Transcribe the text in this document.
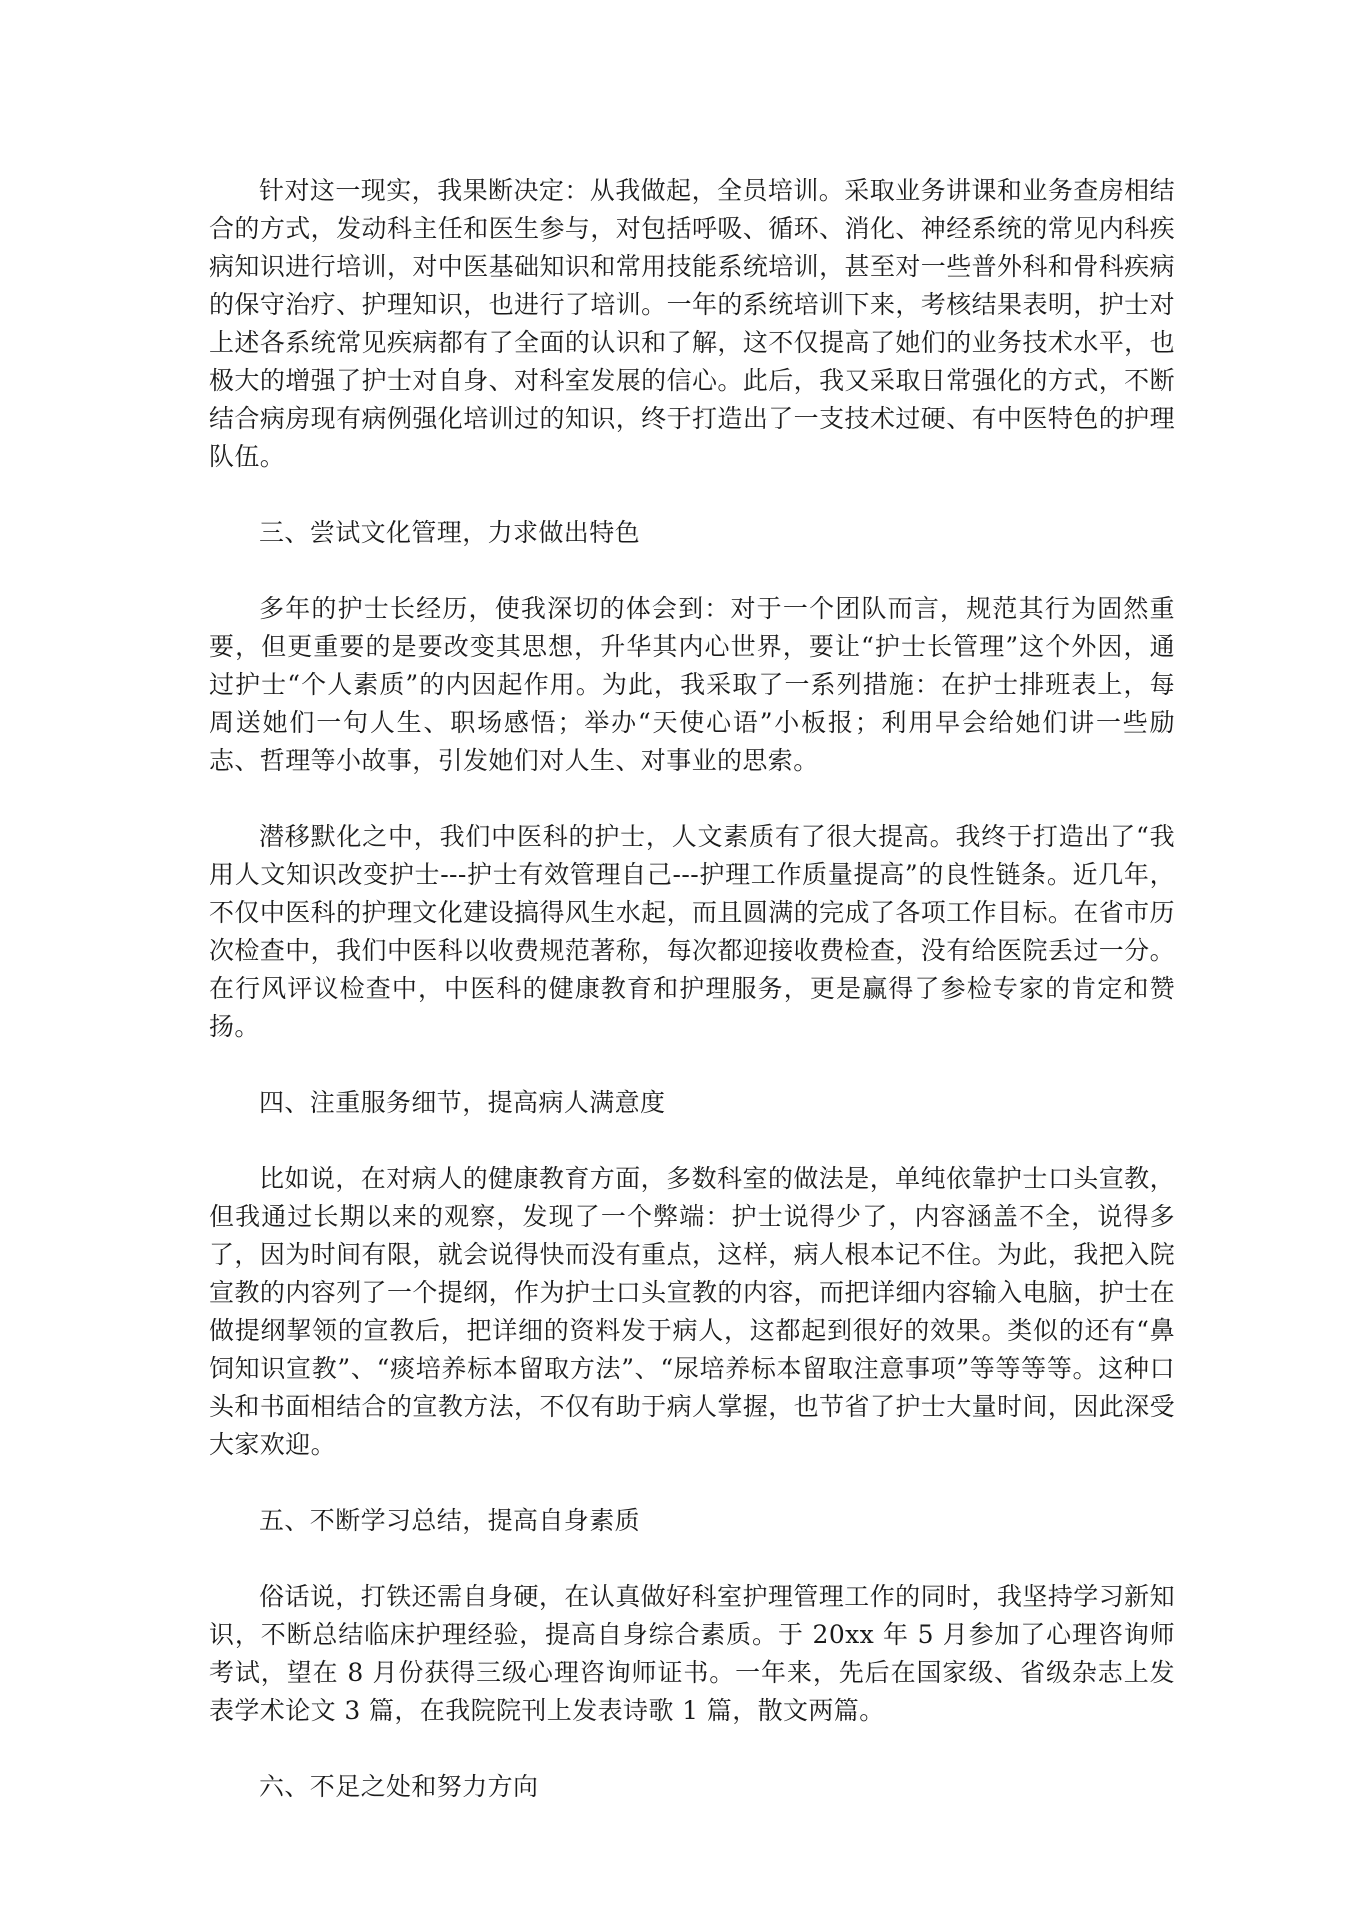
针对这一现实，我果断决定：从我做起，全员培训。采取业务讲课和业务查房相结合的方式，发动科主任和医生参与，对包括呼吸、循环、消化、神经系统的常见内科疾病知识进行培训，对中医基础知识和常用技能系统培训，甚至对一些普外科和骨科疾病的保守治疗、护理知识，也进行了培训。一年的系统培训下来，考核结果表明，护士对上述各系统常见疾病都有了全面的认识和了解，这不仅提高了她们的业务技术水平，也极大的增强了护士对自身、对科室发展的信心。此后，我又采取日常强化的方式，不断结合病房现有病例强化培训过的知识，终于打造出了一支技术过硬、有中医特色的护理队伍。

三、尝试文化管理，力求做出特色

多年的护士长经历，使我深切的体会到：对于一个团队而言，规范其行为固然重要，但更重要的是要改变其思想，升华其内心世界，要让“护士长管理”这个外因，通过护士“个人素质”的内因起作用。为此，我采取了一系列措施：在护士排班表上，每周送她们一句人生、职场感悟；举办“天使心语”小板报；利用早会给她们讲一些励志、哲理等小故事，引发她们对人生、对事业的思索。

潜移默化之中，我们中医科的护士，人文素质有了很大提高。我终于打造出了“我用人文知识改变护士---护士有效管理自己---护理工作质量提高”的良性链条。近几年，不仅中医科的护理文化建设搞得风生水起，而且圆满的完成了各项工作目标。在省市历次检查中，我们中医科以收费规范著称，每次都迎接收费检查，没有给医院丢过一分。在行风评议检查中，中医科的健康教育和护理服务，更是赢得了参检专家的肯定和赞扬。

四、注重服务细节，提高病人满意度

比如说，在对病人的健康教育方面，多数科室的做法是，单纯依靠护士口头宣教，但我通过长期以来的观察，发现了一个弊端：护士说得少了，内容涵盖不全，说得多了，因为时间有限，就会说得快而没有重点，这样，病人根本记不住。为此，我把入院宣教的内容列了一个提纲，作为护士口头宣教的内容，而把详细内容输入电脑，护士在做提纲挈领的宣教后，把详细的资料发于病人，这都起到很好的效果。类似的还有“鼻饲知识宣教”、“痰培养标本留取方法”、“尿培养标本留取注意事项”等等等等。这种口头和书面相结合的宣教方法，不仅有助于病人掌握，也节省了护士大量时间，因此深受大家欢迎。

五、不断学习总结，提高自身素质

俗话说，打铁还需自身硬，在认真做好科室护理管理工作的同时，我坚持学习新知识，不断总结临床护理经验，提高自身综合素质。于 20xx 年 5 月参加了心理咨询师考试，望在 8 月份获得三级心理咨询师证书。一年来，先后在国家级、省级杂志上发表学术论文 3 篇，在我院院刊上发表诗歌 1 篇，散文两篇。

六、不足之处和努力方向
